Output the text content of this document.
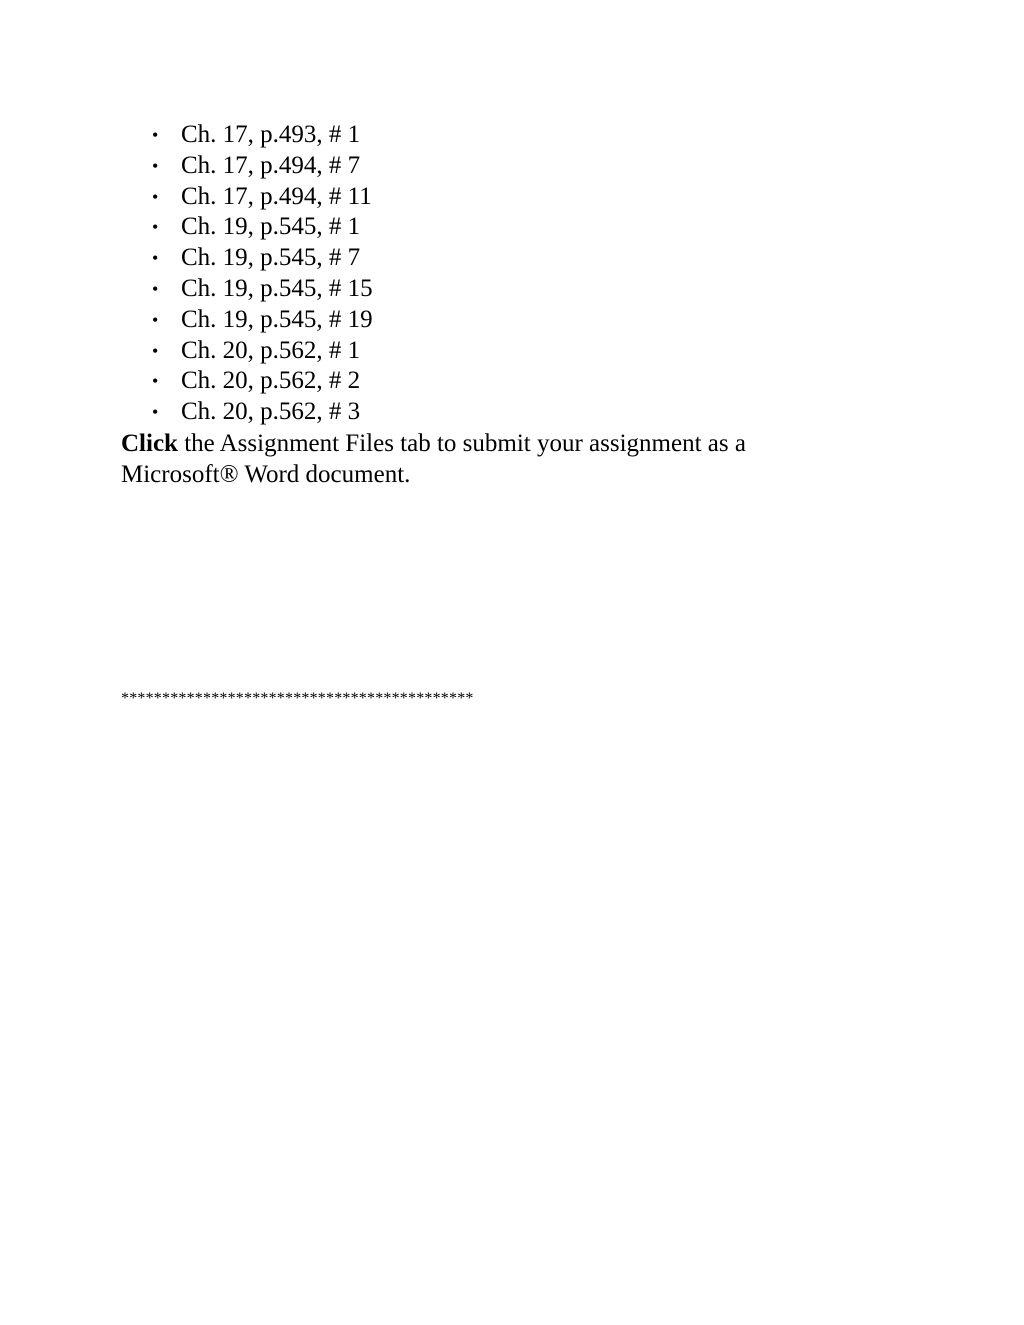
• Ch. 17, p.493, # 1
• Ch. 17, p.494, # 7
• Ch. 17, p.494, # 11
• Ch. 19, p.545, # 1
• Ch. 19, p.545, # 7
• Ch. 19, p.545, # 15
• Ch. 19, p.545, # 19
• Ch. 20, p.562, # 1
• Ch. 20, p.562, # 2
• Ch. 20, p.562, # 3

Click the Assignment Files tab to submit your assignment as a Microsoft® Word document.

*******************************************
